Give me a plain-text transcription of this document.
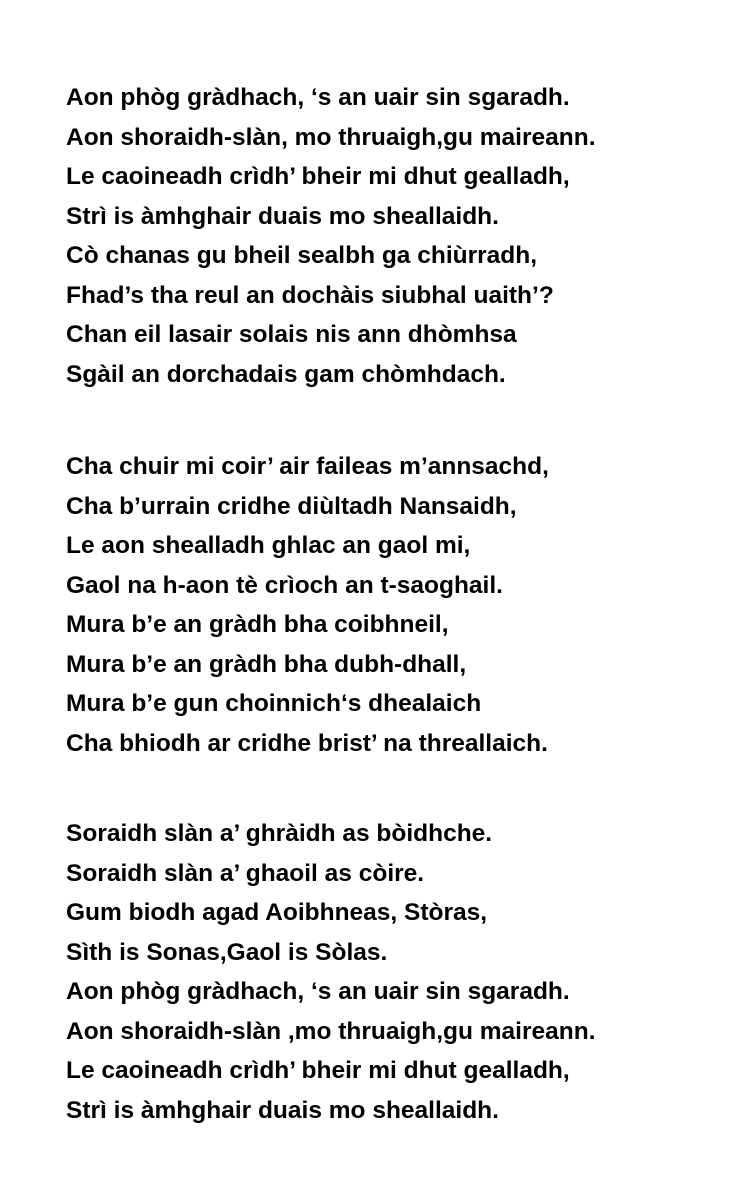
Aon phòg gràdhach, ‘s an uair sin sgaradh.
Aon shoraidh-slàn, mo thruaigh,gu maireann.
Le caoineadh crìdh’ bheir mi dhut gealladh,
Strì is àmhghair duais mo sheallaidh.
Cò chanas gu bheil sealbh ga chiùrradh,
Fhad’s tha reul an dochàis siubhal uaith’?
Chan eil lasair solais nis ann dhòmhsa
Sgàil an dorchadais gam chòmhdach.
Cha chuir mi coir’ air faileas m’annsachd,
Cha b’urrain cridhe diùltadh Nansaidh,
Le aon shealladh ghlac an gaol mi,
Gaol na h-aon tè crìoch an t-saoghail.
Mura b’e an gràdh bha coibhneil,
Mura b’e an gràdh bha dubh-dhall,
Mura b’e gun choinnich‘s dhealaich
Cha bhiodh ar cridhe brist’ na threallaich.
Soraidh slàn a’ ghràidh as bòidhche.
Soraidh slàn a’ ghaoil as còire.
Gum biodh agad Aoibhneas, Stòras,
Sìth is Sonas,Gaol is Sòlas.
Aon phòg gràdhach, ‘s an uair sin sgaradh.
Aon shoraidh-slàn ,mo thruaigh,gu maireann.
Le caoineadh crìdh’ bheir mi dhut gealladh,
Strì is àmhghair duais mo sheallaidh.
